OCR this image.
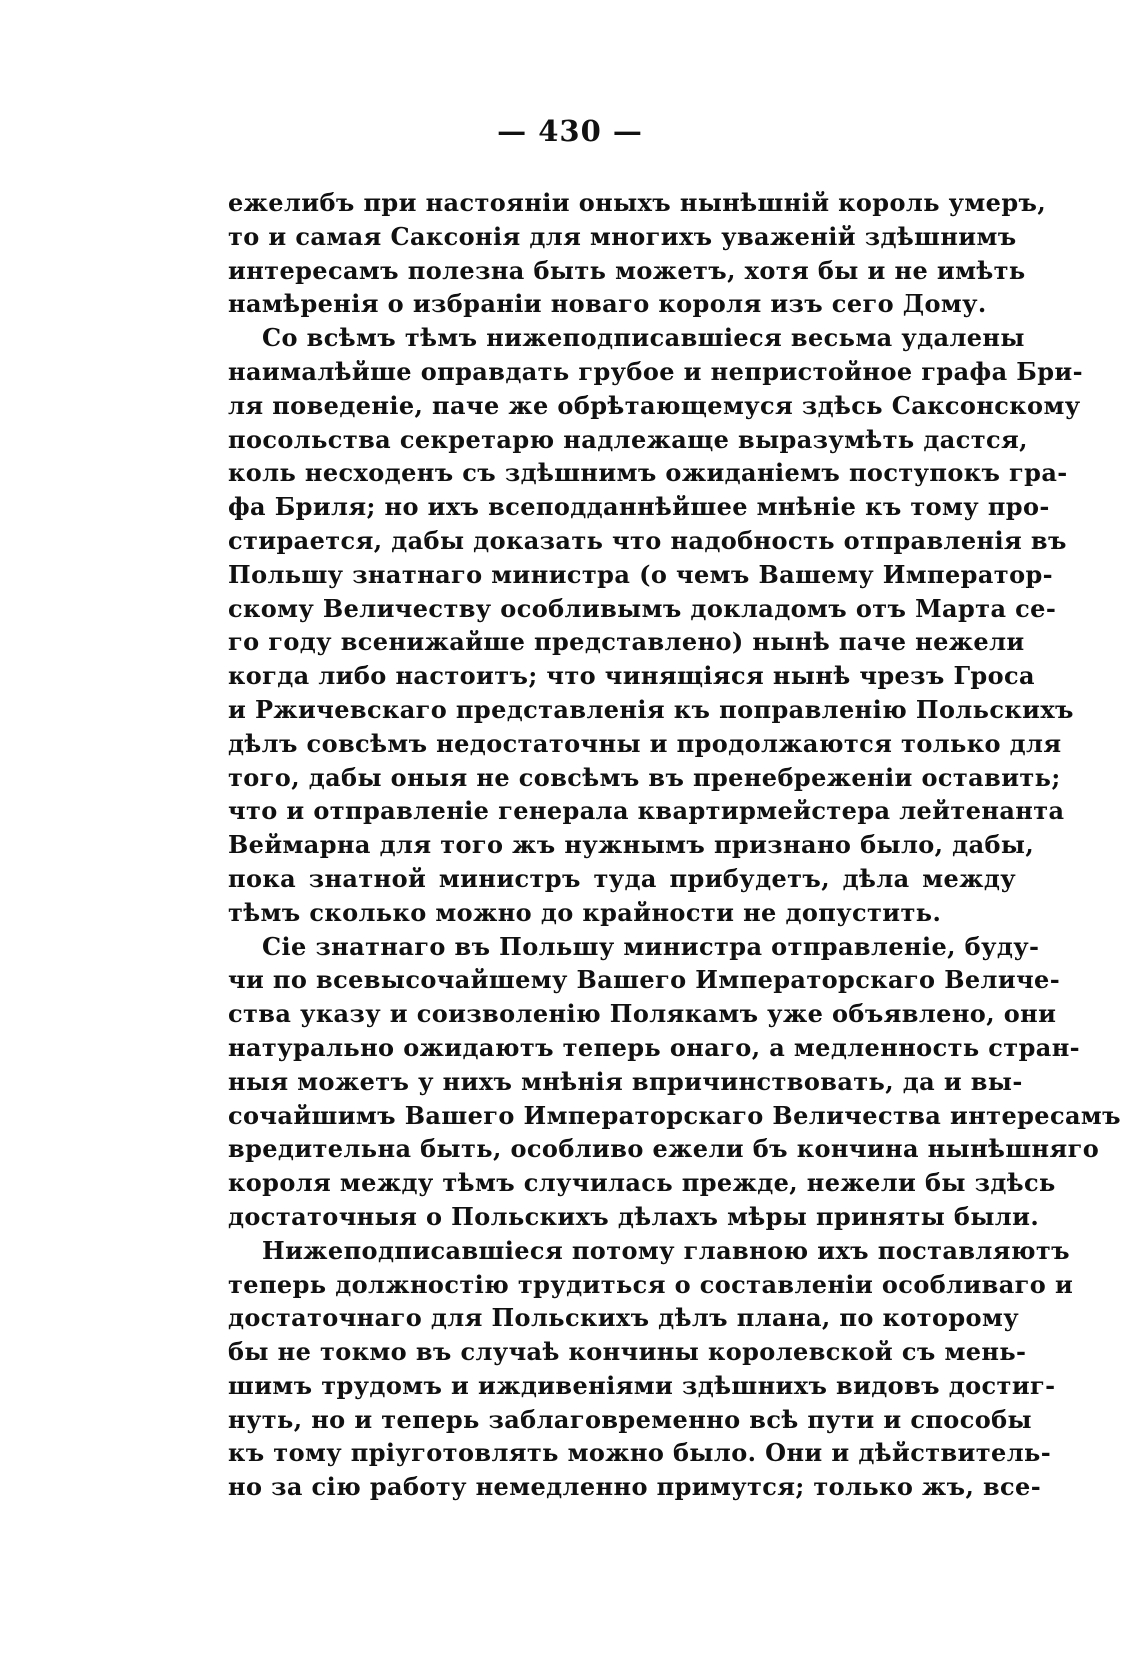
— 430 —
ежелибъ при настоянiи оныхъ нынѣшнiй король умеръ,
то и самая Саксонiя для многихъ уваженiй здѣшнимъ
интересамъ полезна быть можетъ, хотя бы и не имѣть
намѣренiя о избранiи новаго короля изъ сего Дому.
Со всѣмъ тѣмъ нижеподписавшiеся весьма удалены
наималѣйше оправдать грубое и непристойное графа Бри-
ля поведенiе, паче же обрѣтающемуся здѣсь Саксонскому
посольства секретарю надлежаще выразумѣть дастся,
коль несходенъ съ здѣшнимъ ожиданiемъ поступокъ гра-
фа Бриля; но ихъ всеподданнѣйшее мнѣнiе къ тому про-
стирается, дабы доказать что надобность отправленiя въ
Польшу знатнаго министра (о чемъ Вашему Император-
скому Величеству особливымъ докладомъ отъ Марта се-
го году всенижайше представлено) нынѣ паче нежели
когда либо настоитъ; что чинящiяся нынѣ чрезъ Гроса
и Ржичевскаго представленiя къ поправленiю Польскихъ
дѣлъ совсѣмъ недостаточны и продолжаются только для
того, дабы оныя не совсѣмъ въ пренебреженiи оставить;
что и отправленiе генерала квартирмейстера лейтенанта
Веймарна для того жъ нужнымъ признано было, дабы,
пока знатной министръ туда прибудетъ, дѣла между
тѣмъ сколько можно до крайности не допустить.
Сiе знатнаго въ Польшу министра отправленiе, буду-
чи по всевысочайшему Вашего Императорскаго Величе-
ства указу и соизволенiю Полякамъ уже объявлено, они
натурально ожидаютъ теперь онаго, а медленность стран-
ныя можетъ у нихъ мнѣнiя впричинствовать, да и вы-
сочайшимъ Вашего Императорскаго Величества интересамъ
вредительна быть, особливо ежели бъ кончина нынѣшняго
короля между тѣмъ случилась прежде, нежели бы здѣсь
достаточныя о Польскихъ дѣлахъ мѣры приняты были.
Нижеподписавшiеся потому главною ихъ поставляютъ
теперь должностiю трудиться о составленiи особливаго и
достаточнаго для Польскихъ дѣлъ плана, по которому
бы не токмо въ случаѣ кончины королевской съ мень-
шимъ трудомъ и иждивенiями здѣшнихъ видовъ достиг-
нуть, но и теперь заблаговременно всѣ пути и способы
къ тому прiуготовлять можно было. Они и дѣйствитель-
но за сiю работу немедленно примутся; только жъ, все-
